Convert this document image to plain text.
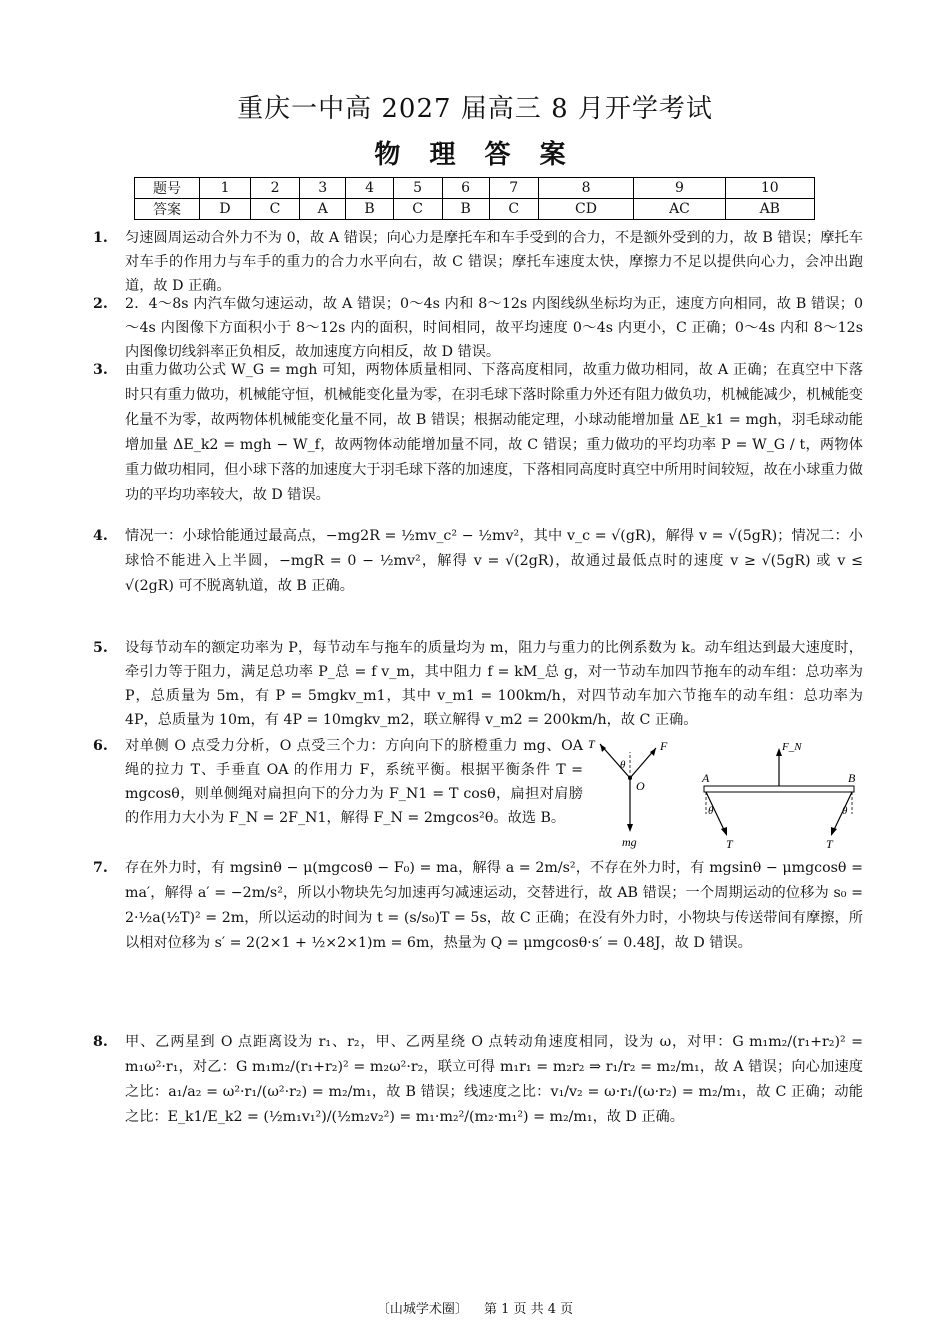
重庆一中高 2027 届高三 8 月开学考试
物 理 答 案
题号	1	2	3	4	5	6	7	8	9	10
答案	D	C	A	B	C	B	C	CD	AC	AB
1. 匀速圆周运动合外力不为 0，故 A 错误；向心力是摩托车和车手受到的合力，不是额外受到的力，故 B 错误；摩托车对车手的作用力与车手的重力的合力水平向右，故 C 错误；摩托车速度太快，摩擦力不足以提供向心力，会冲出跑道，故 D 正确。
2. 2．4～8s 内汽车做匀速运动，故 A 错误；0～4s 内和 8～12s 内图线纵坐标均为正，速度方向相同，故 B 错误；0～4s 内图像下方面积小于 8～12s 内的面积，时间相同，故平均速度 0～4s 内更小，C 正确；0～4s 内和 8～12s 内图像切线斜率正负相反，故加速度方向相反，故 D 错误。
3. 由重力做功公式 W_G = mgh 可知，两物体质量相同、下落高度相同，故重力做功相同，故 A 正确；在真空中下落时只有重力做功，机械能守恒，机械能变化量为零，在羽毛球下落时除重力外还有阻力做负功，机械能减少，机械能变化量不为零，故两物体机械能变化量不同，故 B 错误；根据动能定理，小球动能增加量 ΔE_k1 = mgh，羽毛球动能增加量 ΔE_k2 = mgh − W_f，故两物体动能增加量不同，故 C 错误；重力做功的平均功率 P = W_G / t，两物体重力做功相同，但小球下落的加速度大于羽毛球下落的加速度，下落相同高度时真空中所用时间较短，故在小球重力做功的平均功率较大，故 D 错误。
4. 情况一：小球恰能通过最高点，−mg2R = ½mv_c² − ½mv²，其中 v_c = √(gR)，解得 v = √(5gR)；情况二：小球恰不能进入上半圆，−mgR = 0 − ½mv²，解得 v = √(2gR)，故通过最低点时的速度 v ≥ √(5gR) 或 v ≤ √(2gR) 可不脱离轨道，故 B 正确。
5. 设每节动车的额定功率为 P，每节动车与拖车的质量均为 m，阻力与重力的比例系数为 k。动车组达到最大速度时，牵引力等于阻力，满足总功率 P_总 = f v_m，其中阻力 f = kM_总 g，对一节动车加四节拖车的动车组：总功率为 P，总质量为 5m，有 P = 5mgkv_m1，其中 v_m1 = 100km/h，对四节动车加六节拖车的动车组：总功率为 4P，总质量为 10m，有 4P = 10mgkv_m2，联立解得 v_m2 = 200km/h，故 C 正确。
6. 对单侧 O 点受力分析，O 点受三个力：方向向下的脐橙重力 mg、OA 绳的拉力 T、手垂直 OA 的作用力 F，系统平衡。根据平衡条件 T = mgcosθ，则单侧绳对扁担向下的分力为 F_N1 = T cosθ，扁担对肩膀的作用力大小为 F_N = 2F_N1，解得 F_N = 2mgcos²θ。故选 B。
T	F
θ
O
mg
F_N
A	B
θ	θ
T	T
7. 存在外力时，有 mgsinθ − μ(mgcosθ − F₀) = ma，解得 a = 2m/s²，不存在外力时，有 mgsinθ − μmgcosθ = ma′，解得 a′ = −2m/s²，所以小物块先匀加速再匀减速运动，交替进行，故 AB 错误；一个周期运动的位移为 s₀ = 2·½a(½T)² = 2m，所以运动的时间为 t = (s/s₀)T = 5s，故 C 正确；在没有外力时，小物块与传送带间有摩擦，所以相对位移为 s′ = 2(2×1 + ½×2×1)m = 6m，热量为 Q = μmgcosθ·s′ = 0.48J，故 D 错误。
8. 甲、乙两星到 O 点距离设为 r₁、r₂，甲、乙两星绕 O 点转动角速度相同，设为 ω，对甲：G m₁m₂/(r₁+r₂)² = m₁ω²·r₁，对乙：G m₁m₂/(r₁+r₂)² = m₂ω²·r₂，联立可得 m₁r₁ = m₂r₂ ⇒ r₁/r₂ = m₂/m₁，故 A 错误；向心加速度之比：a₁/a₂ = ω²·r₁/(ω²·r₂) = m₂/m₁，故 B 错误；线速度之比：v₁/v₂ = ω·r₁/(ω·r₂) = m₂/m₁，故 C 正确；动能之比：E_k1/E_k2 = (½m₁v₁²)/(½m₂v₂²) = m₁·m₂²/(m₂·m₁²) = m₂/m₁，故 D 正确。
〔山城学术圈〕 第 1 页 共 4 页
